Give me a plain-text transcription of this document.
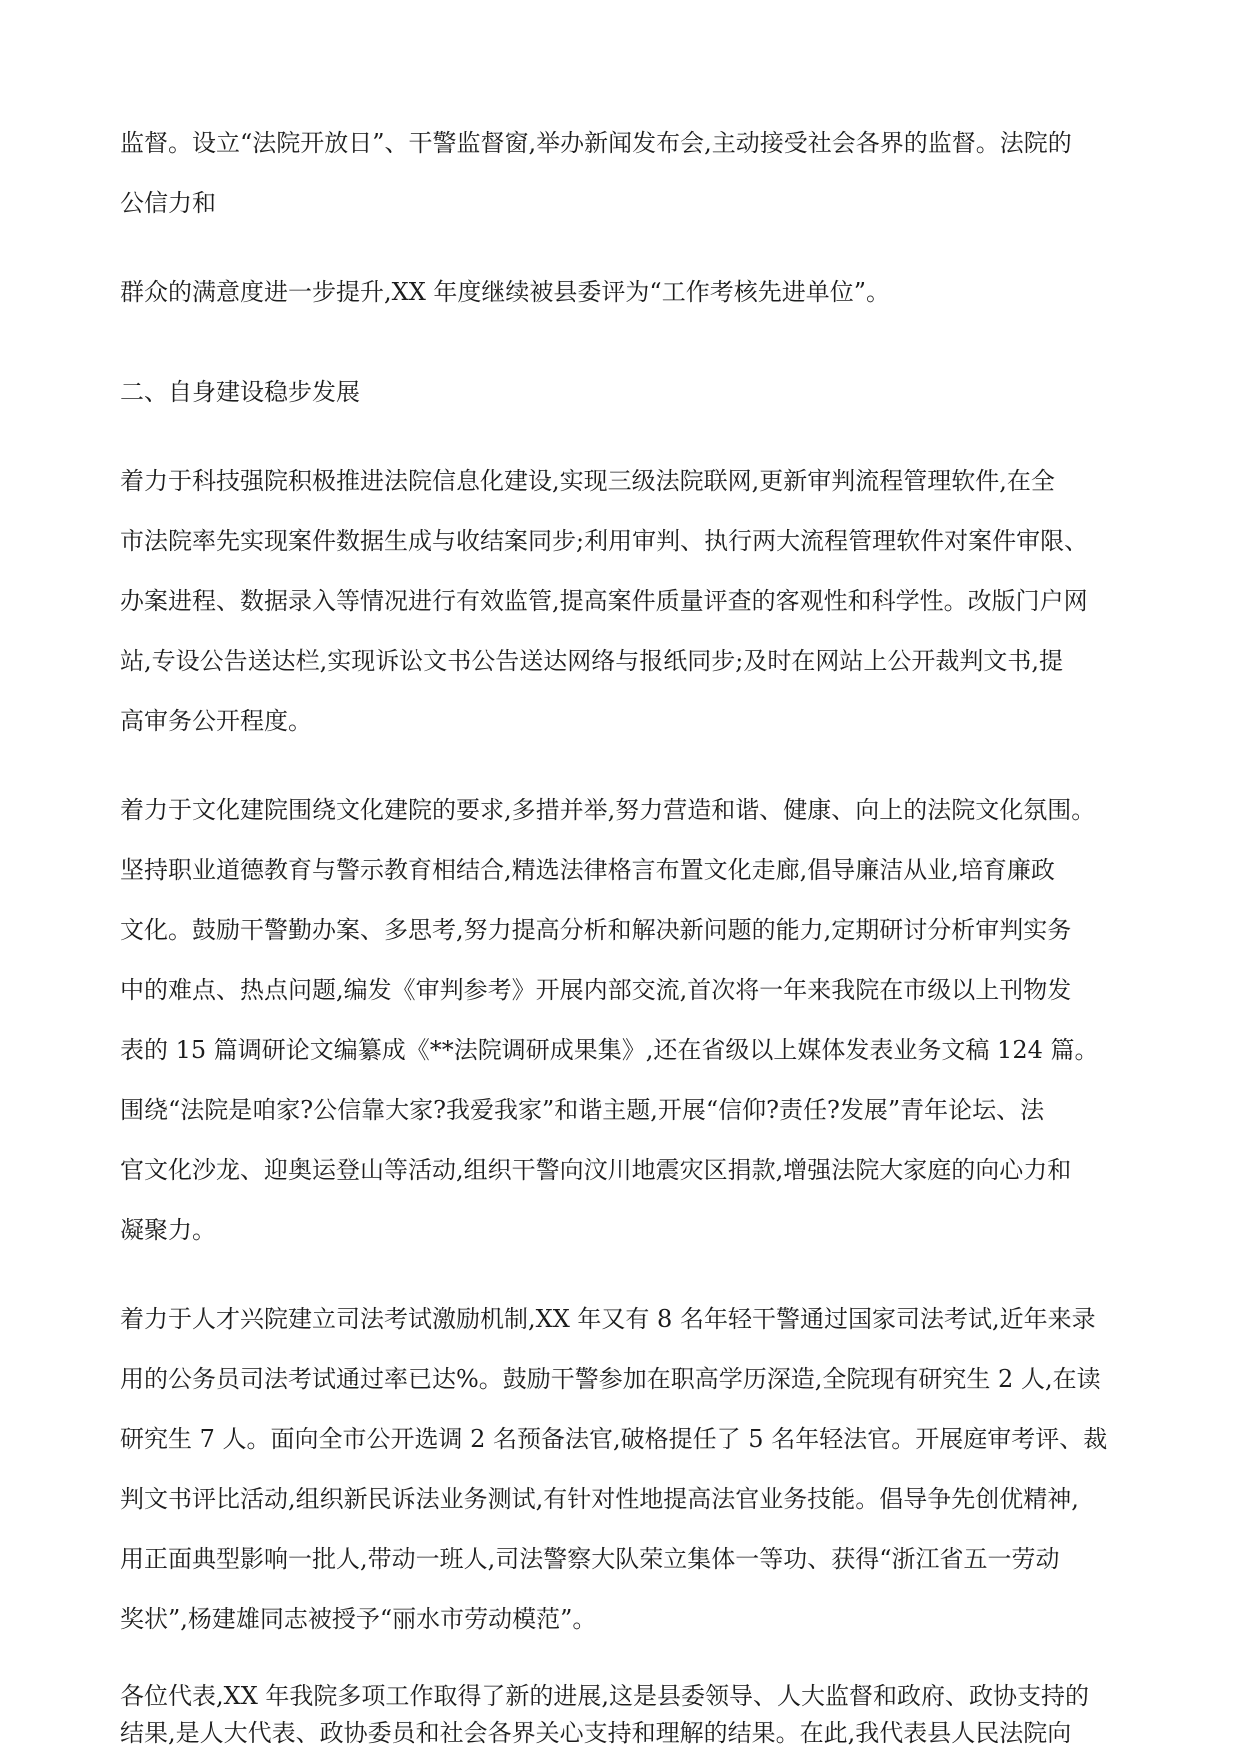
监督。设立“法院开放日”、干警监督窗,举办新闻发布会,主动接受社会各界的监督。法院的
公信力和
群众的满意度进一步提升,XX 年度继续被县委评为“工作考核先进单位”。
二、自身建设稳步发展
着力于科技强院积极推进法院信息化建设,实现三级法院联网,更新审判流程管理软件,在全
市法院率先实现案件数据生成与收结案同步;利用审判、执行两大流程管理软件对案件审限、
办案进程、数据录入等情况进行有效监管,提高案件质量评查的客观性和科学性。改版门户网
站,专设公告送达栏,实现诉讼文书公告送达网络与报纸同步;及时在网站上公开裁判文书,提
高审务公开程度。
着力于文化建院围绕文化建院的要求,多措并举,努力营造和谐、健康、向上的法院文化氛围。
坚持职业道德教育与警示教育相结合,精选法律格言布置文化走廊,倡导廉洁从业,培育廉政
文化。鼓励干警勤办案、多思考,努力提高分析和解决新问题的能力,定期研讨分析审判实务
中的难点、热点问题,编发《审判参考》开展内部交流,首次将一年来我院在市级以上刊物发
表的 15 篇调研论文编纂成《**法院调研成果集》,还在省级以上媒体发表业务文稿 124 篇。
围绕“法院是咱家?公信靠大家?我爱我家”和谐主题,开展“信仰?责任?发展”青年论坛、法
官文化沙龙、迎奥运登山等活动,组织干警向汶川地震灾区捐款,增强法院大家庭的向心力和
凝聚力。
着力于人才兴院建立司法考试激励机制,XX 年又有 8 名年轻干警通过国家司法考试,近年来录
用的公务员司法考试通过率已达%。鼓励干警参加在职高学历深造,全院现有研究生 2 人,在读
研究生 7 人。面向全市公开选调 2 名预备法官,破格提任了 5 名年轻法官。开展庭审考评、裁
判文书评比活动,组织新民诉法业务测试,有针对性地提高法官业务技能。倡导争先创优精神,
用正面典型影响一批人,带动一班人,司法警察大队荣立集体一等功、获得“浙江省五一劳动
奖状”,杨建雄同志被授予“丽水市劳动模范”。
各位代表,XX 年我院多项工作取得了新的进展,这是县委领导、人大监督和政府、政协支持的
结果,是人大代表、政协委员和社会各界关心支持和理解的结果。在此,我代表县人民法院向
